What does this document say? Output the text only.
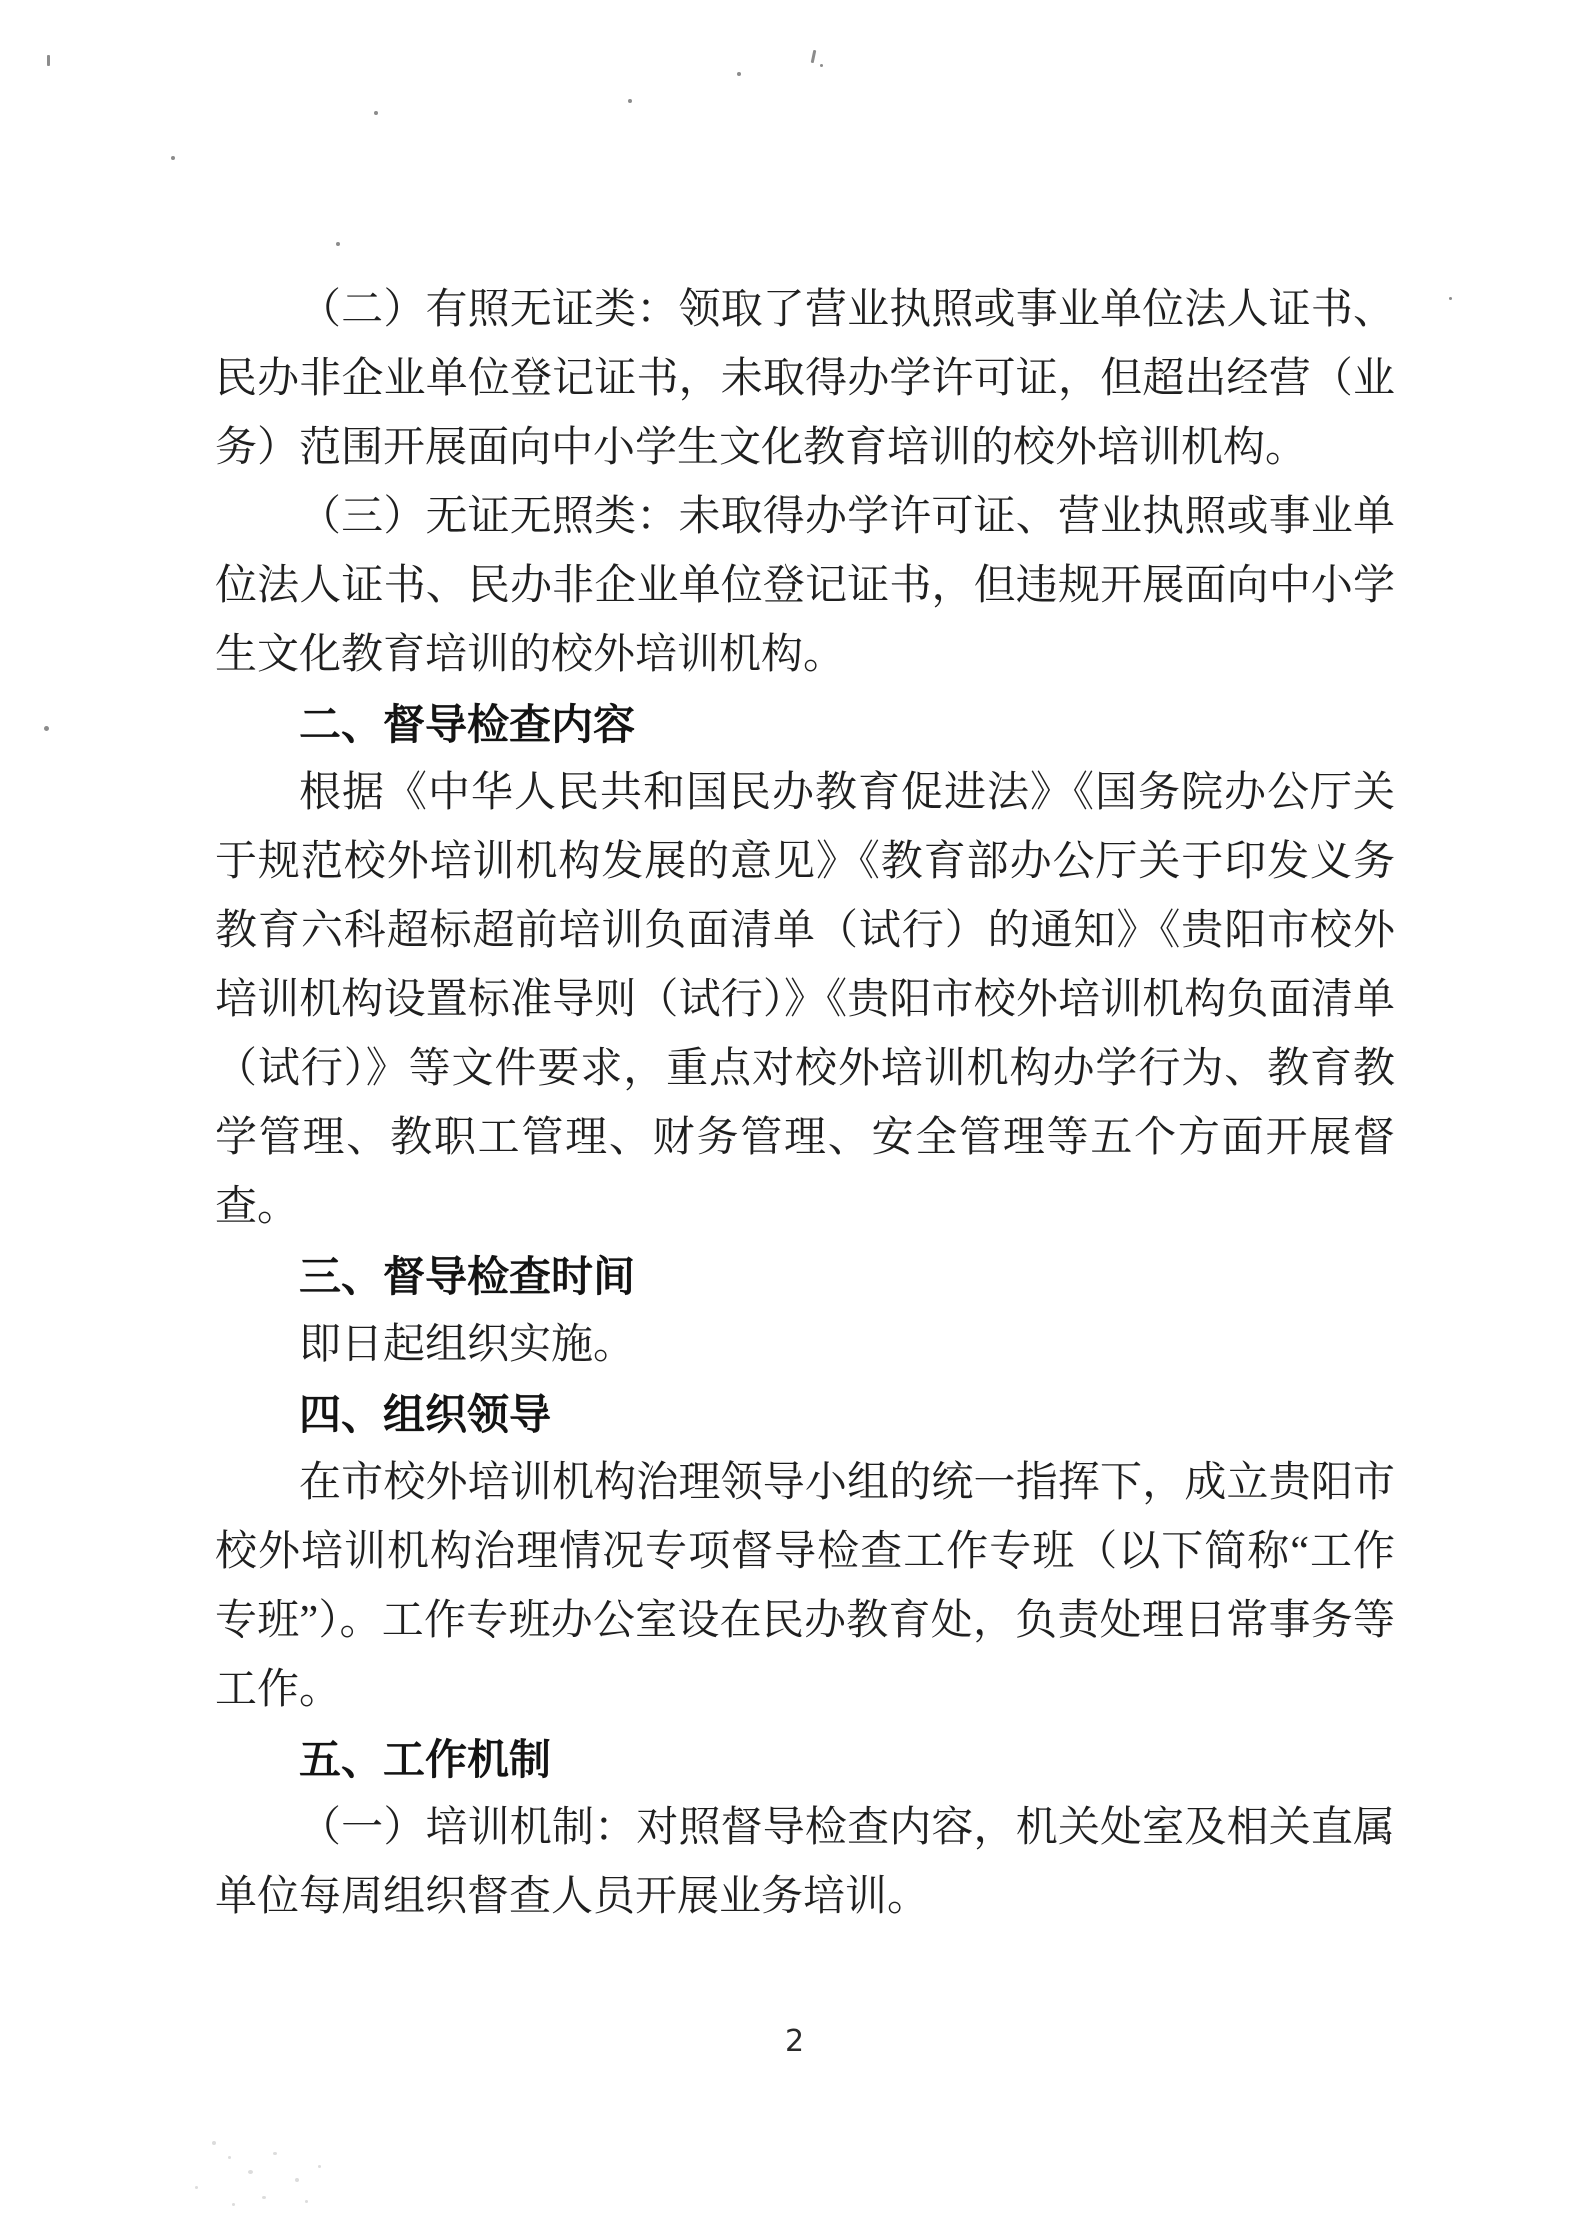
（二）有照无证类：领取了营业执照或事业单位法人证书、民办非企业单位登记证书，未取得办学许可证，但超出经营（业务）范围开展面向中小学生文化教育培训的校外培训机构。

（三）无证无照类：未取得办学许可证、营业执照或事业单位法人证书、民办非企业单位登记证书，但违规开展面向中小学生文化教育培训的校外培训机构。

二、督导检查内容

根据《中华人民共和国民办教育促进法》《国务院办公厅关于规范校外培训机构发展的意见》《教育部办公厅关于印发义务教育六科超标超前培训负面清单（试行）的通知》《贵阳市校外培训机构设置标准导则（试行）》《贵阳市校外培训机构负面清单（试行）》等文件要求，重点对校外培训机构办学行为、教育教学管理、教职工管理、财务管理、安全管理等五个方面开展督查。

三、督导检查时间

即日起组织实施。

四、组织领导

在市校外培训机构治理领导小组的统一指挥下，成立贵阳市校外培训机构治理情况专项督导检查工作专班（以下简称“工作专班”）。工作专班办公室设在民办教育处，负责处理日常事务等工作。

五、工作机制

（一）培训机制：对照督导检查内容，机关处室及相关直属单位每周组织督查人员开展业务培训。

2
